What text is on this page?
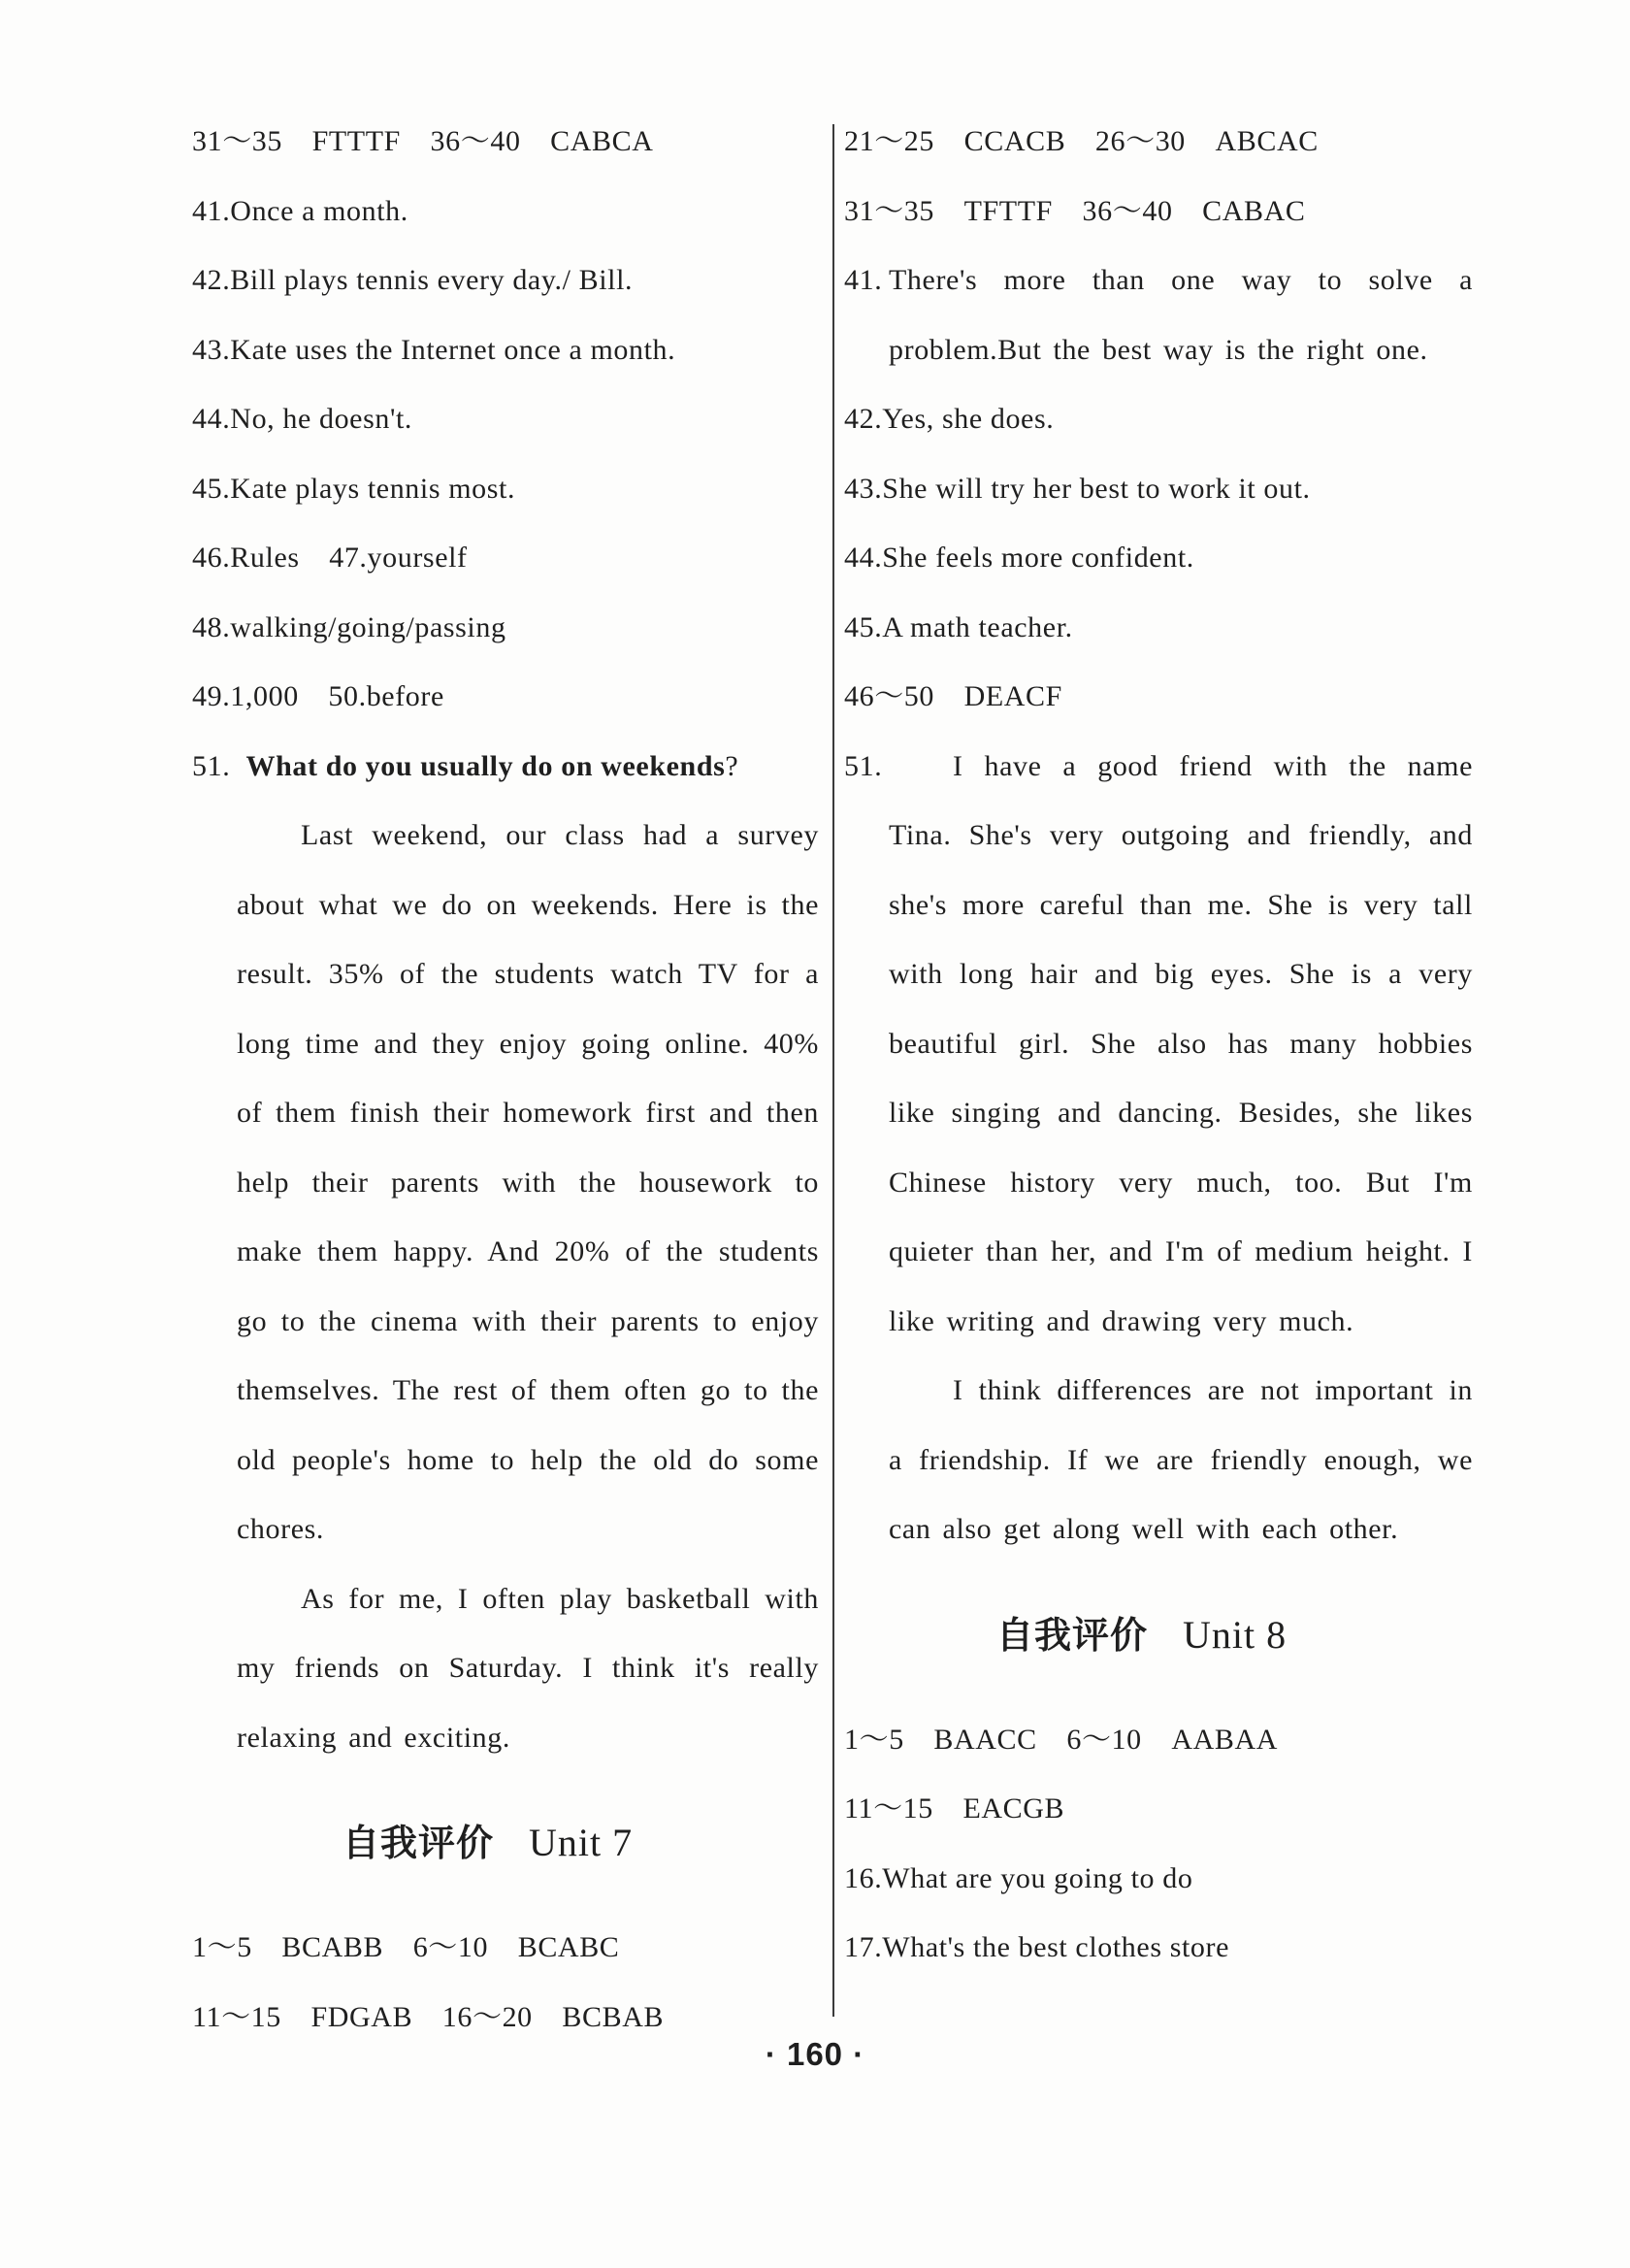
31～35　FTTTF　36～40　CABCA
41.Once a month.
42.Bill plays tennis every day./ Bill.
43.Kate uses the Internet once a month.
44.No, he doesn't.
45.Kate plays tennis most.
46.Rules　47.yourself
48.walking/going/passing
49.1,000　50.before
51. What do you usually do on weekends?

Last weekend, our class had a survey about what we do on weekends. Here is the result. 35% of the students watch TV for a long time and they enjoy going online. 40% of them finish their homework first and then help their parents with the housework to make them happy. And 20% of the students go to the cinema with their parents to enjoy themselves. The rest of them often go to the old people's home to help the old do some chores.

As for me, I often play basketball with my friends on Saturday. I think it's really relaxing and exciting.

自我评价 Unit 7
1～5　BCABB　6～10　BCABC
11～15　FDGAB　16～20　BCBAB
21～25　CCACB　26～30　ABCAC
31～35　TFTTF　36～40　CABAC
41. There's more than one way to solve a problem.But the best way is the right one.

42.Yes, she does.
43.She will try her best to work it out.
44.She feels more confident.
45.A math teacher.
46～50　DEACF
51.	I have a good friend with the name Tina. She's very outgoing and friendly, and she's more careful than me. She is very tall with long hair and big eyes. She is a very beautiful girl. She also has many hobbies like singing and dancing. Besides, she likes Chinese history very much, too. But I'm quieter than her, and I'm of medium height. I like writing and drawing very much.

I think differences are not important in a friendship. If we are friendly enough, we can also get along well with each other.

自我评价 Unit 8
1～5　BAACC　6～10　AABAA
11～15　EACGB
16.What are you going to do
17.What's the best clothes store
· 160 ·
